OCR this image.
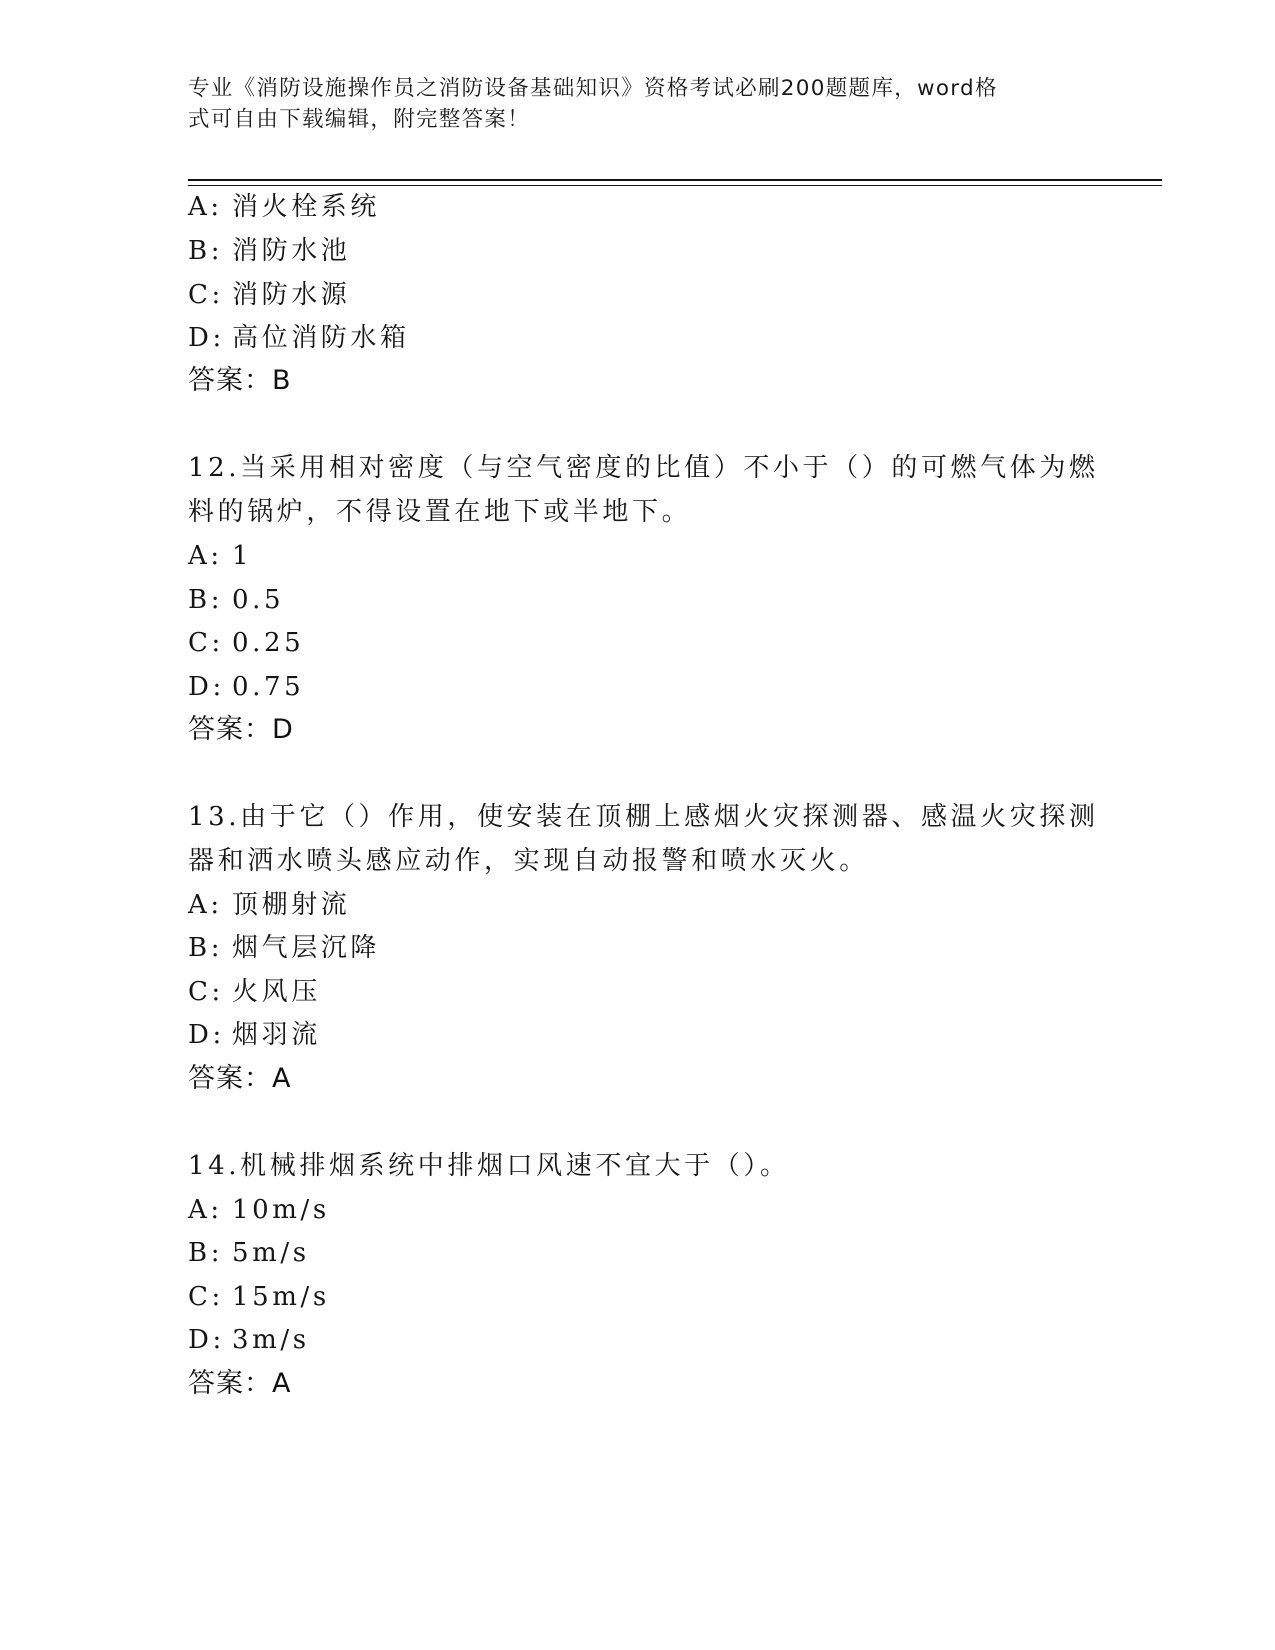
专业《消防设施操作员之消防设备基础知识》资格考试必刷200题题库，word格
式可自由下载编辑，附完整答案！
A: 消火栓系统
B: 消防水池
C: 消防水源
D: 高位消防水箱
答案：B
12.当采用相对密度（与空气密度的比值）不小于（）的可燃气体为燃
料的锅炉，不得设置在地下或半地下。
A: 1
B: 0.5
C: 0.25
D: 0.75
答案：D
13.由于它（）作用，使安装在顶棚上感烟火灾探测器、感温火灾探测
器和洒水喷头感应动作，实现自动报警和喷水灭火。
A: 顶棚射流
B: 烟气层沉降
C: 火风压
D: 烟羽流
答案：A
14.机械排烟系统中排烟口风速不宜大于（）。
A: 10m/s
B: 5m/s
C: 15m/s
D: 3m/s
答案：A
